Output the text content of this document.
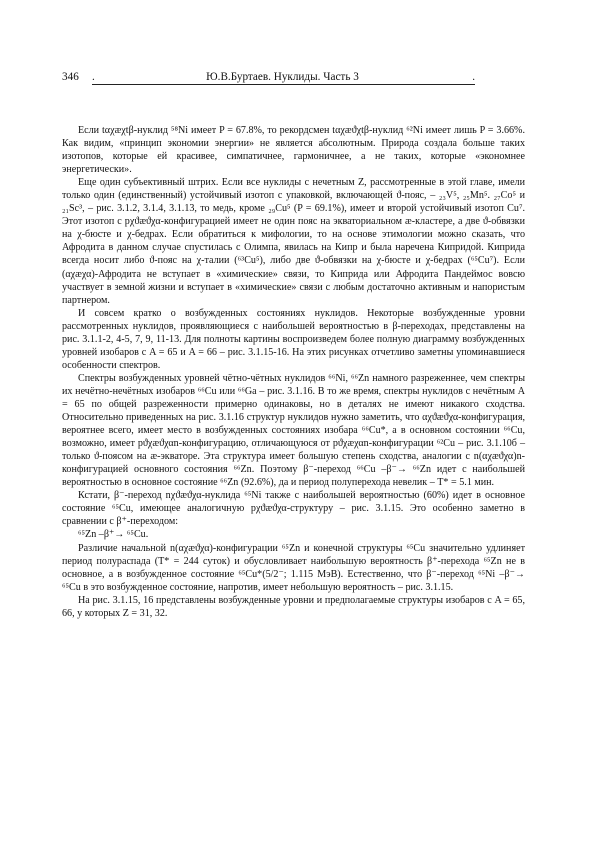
346 .	Ю.В.Буртаев. Нуклиды. Часть 3	.

Если tαχæχtβ-нуклид ⁵⁸Ni имеет P = 67.8%, то рекордсмен tαχæϑχtβ-нуклид ⁶²Ni имеет лишь P = 3.66%. Как видим, «принцип экономии энергии» не является абсолютным. Природа создала больше таких изотопов, которые ей красивее, симпатичнее, гармоничнее, а не таких, которые «экономнее энергетически».

Еще один субъективный штрих. Если все нуклиды с нечетным Z, рассмотренные в этой главе, имели только один (единственный) устойчивый изотоп с упаковкой, включающей ϑ-пояс, – ₂₃V⁵, ₂₅Mn⁵. ₂₇Co⁵ и ₂₁Sc³, – рис. 3.1.2, 3.1.4, 3.1.13, то медь, кроме ₂₉Cu⁵ (P = 69.1%), имеет и второй устойчивый изотоп Cu⁷. Этот изотоп с pχϑæϑχα-конфигурацией имеет не один пояс на экваториальном æ-кластере, а две ϑ-обвязки на χ-бюсте и χ-бедрах. Если обратиться к мифологии, то на основе этимологии можно сказать, что Афродита в данном случае спустилась с Олимпа, явилась на Кипр и была наречена Кипридой. Киприда всегда носит либо ϑ-пояс на χ-талии (⁶³Cu⁵), либо две ϑ-обвязки на χ-бюсте и χ-бедрах (⁶⁵Cu⁷). Если (αχæχα)-Афродита не вступает в «химические» связи, то Киприда или Афродита Пандеймос вовсю участвует в земной жизни и вступает в «химические» связи с любым достаточно активным и напористым партнером.

И совсем кратко о возбужденных состояниях нуклидов. Некоторые возбужденные уровни рассмотренных нуклидов, проявляющиеся с наибольшей вероятностью в β-переходах, представлены на рис. 3.1.1-2, 4-5, 7, 9, 11-13. Для полноты картины воспроизведем более полную диаграмму возбужденных уровней изобаров с A = 65 и A = 66 – рис. 3.1.15-16. На этих рисунках отчетливо заметны упоминавшиеся особенности спектров.

Спектры возбужденных уровней чётно-чётных нуклидов ⁶⁶Ni, ⁶⁶Zn намного разреженнее, чем спектры их нечётно-нечётных изобаров ⁶⁶Cu или ⁶⁶Ga – рис. 3.1.16. В то же время, спектры нуклидов с нечётным A = 65 по общей разреженности примерно одинаковы, но в деталях не имеют никакого сходства. Относительно приведенных на рис. 3.1.16 структур нуклидов нужно заметить, что αχϑæϑχα-конфигурация, вероятнее всего, имеет место в возбужденных состояниях изобара ⁶⁶Cu*, а в основном состоянии ⁶⁶Cu, возможно, имеет pϑχæϑχαn-конфигурацию, отличающуюся от pϑχæχαn-конфигурации ⁶²Cu – рис. 3.1.10б – только ϑ-поясом на æ-экваторе. Эта структура имеет большую степень сходства, аналогии с n(αχæϑχα)n-конфигурацией основного состояния ⁶⁶Zn. Поэтому β⁻-переход ⁶⁶Cu –β⁻→ ⁶⁶Zn идет с наибольшей вероятностью в основное состояние ⁶⁶Zn (92.6%), да и период полуперехода невелик – T* = 5.1 мин.

Кстати, β⁻-переход nχϑæϑχα-нуклида ⁶⁵Ni также с наибольшей вероятностью (60%) идет в основное состояние ⁶⁵Cu, имеющее аналогичную pχϑæϑχα-структуру – рис. 3.1.15. Это особенно заметно в сравнении с β⁺-переходом:

⁶⁵Zn –β⁺→ ⁶⁵Cu.

Различие начальной n(αχæϑχα)-конфигурации ⁶⁵Zn и конечной структуры ⁶⁵Cu значительно удлиняет период полураспада (T* = 244 суток) и обусловливает наибольшую вероятность β⁺-перехода ⁶⁵Zn не в основное, а в возбужденное состояние ⁶⁵Cu*(5/2⁻; 1.115 МэВ). Естественно, что β⁻-переход ⁶⁵Ni –β⁻→ ⁶⁵Cu в это возбужденное состояние, напротив, имеет небольшую вероятность – рис. 3.1.15.

На рис. 3.1.15, 16 представлены возбужденные уровни и предполагаемые структуры изобаров с A = 65, 66, у которых Z = 31, 32.
